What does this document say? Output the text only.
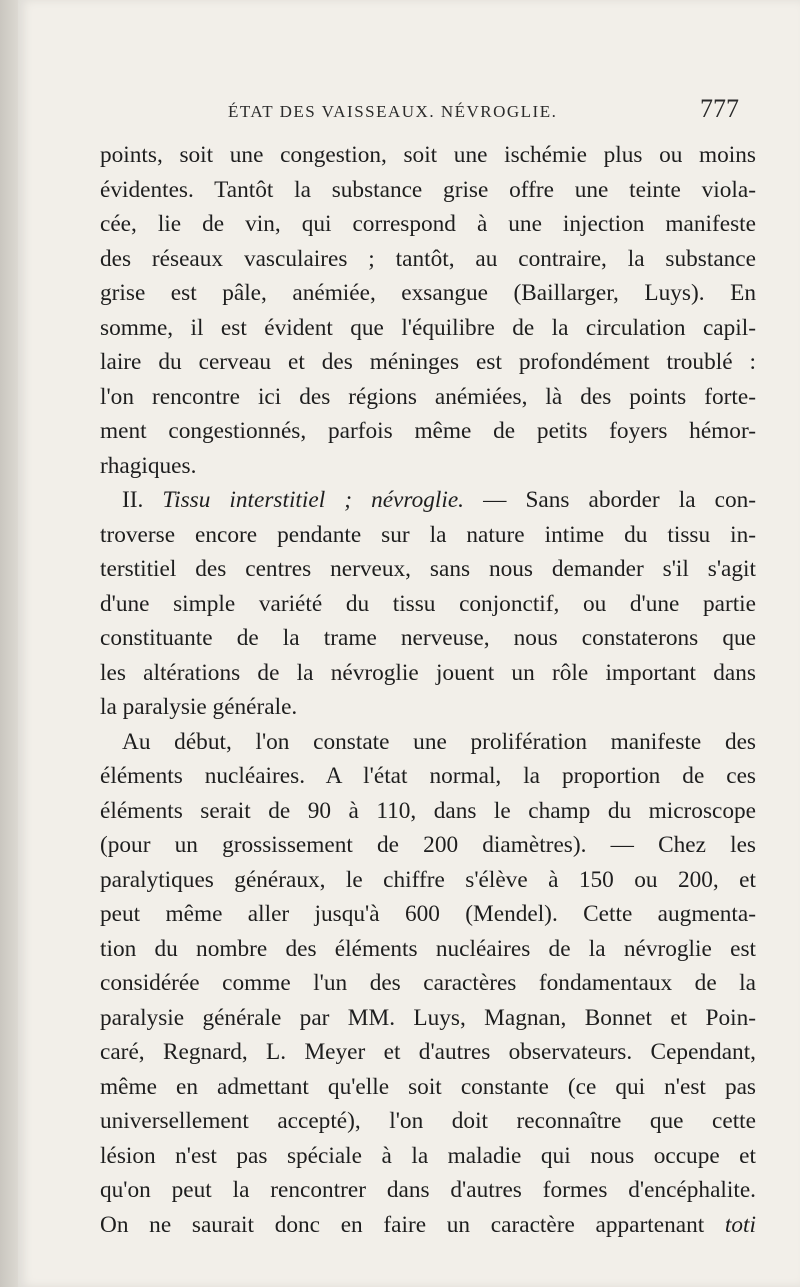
ÉTAT DES VAISSEAUX. NÉVROGLIE.	777
points, soit une congestion, soit une ischémie plus ou moins
évidentes. Tantôt la substance grise offre une teinte viola-
cée, lie de vin, qui correspond à une injection manifeste
des réseaux vasculaires ; tantôt, au contraire, la substance
grise est pâle, anémiée, exsangue (Baillarger, Luys). En
somme, il est évident que l'équilibre de la circulation capil-
laire du cerveau et des méninges est profondément troublé :
l'on rencontre ici des régions anémiées, là des points forte-
ment congestionnés, parfois même de petits foyers hémor-
rhagiques.
II. Tissu interstitiel ; névroglie. — Sans aborder la con-
troverse encore pendante sur la nature intime du tissu in-
terstitiel des centres nerveux, sans nous demander s'il s'agit
d'une simple variété du tissu conjonctif, ou d'une partie
constituante de la trame nerveuse, nous constaterons que
les altérations de la névroglie jouent un rôle important dans
la paralysie générale.
Au début, l'on constate une prolifération manifeste des
éléments nucléaires. A l'état normal, la proportion de ces
éléments serait de 90 à 110, dans le champ du microscope
(pour un grossissement de 200 diamètres). — Chez les
paralytiques généraux, le chiffre s'élève à 150 ou 200, et
peut même aller jusqu'à 600 (Mendel). Cette augmenta-
tion du nombre des éléments nucléaires de la névroglie est
considérée comme l'un des caractères fondamentaux de la
paralysie générale par MM. Luys, Magnan, Bonnet et Poin-
caré, Regnard, L. Meyer et d'autres observateurs. Cependant,
même en admettant qu'elle soit constante (ce qui n'est pas
universellement accepté), l'on doit reconnaître que cette
lésion n'est pas spéciale à la maladie qui nous occupe et
qu'on peut la rencontrer dans d'autres formes d'encéphalite.
On ne saurait donc en faire un caractère appartenant toti
